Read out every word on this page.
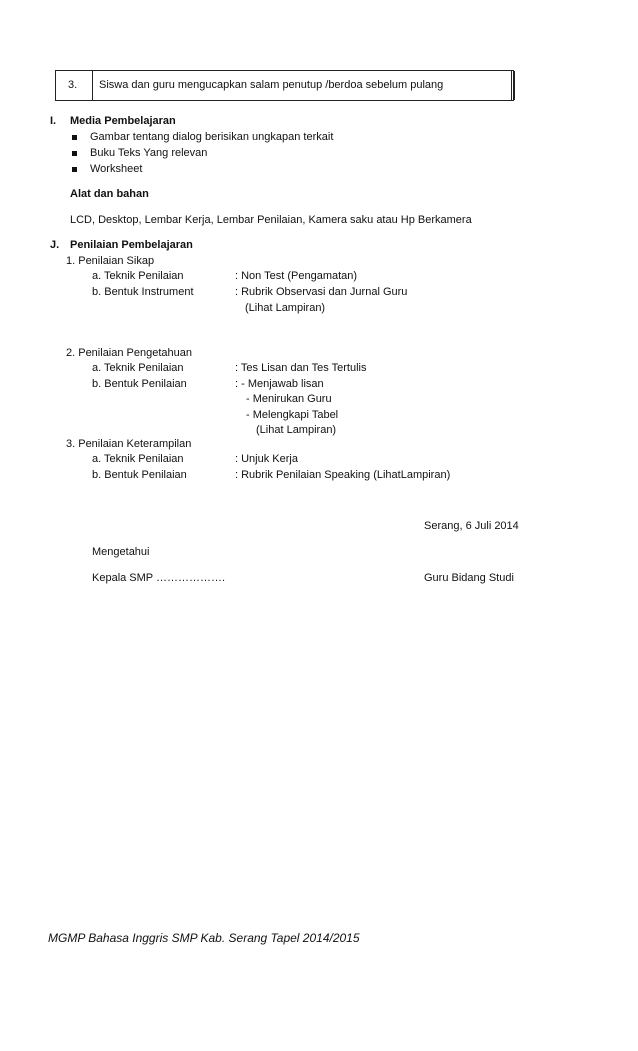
3. Siswa dan guru mengucapkan salam penutup /berdoa sebelum pulang
I. Media Pembelajaran
Gambar tentang dialog berisikan ungkapan terkait
Buku Teks Yang relevan
Worksheet
Alat dan bahan
LCD, Desktop, Lembar Kerja, Lembar Penilaian, Kamera saku atau Hp Berkamera
J. Penilaian Pembelajaran
1. Penilaian Sikap
a. Teknik Penilaian	: Non Test (Pengamatan)
b. Bentuk Instrument	: Rubrik Observasi dan Jurnal Guru
(Lihat Lampiran)
2. Penilaian Pengetahuan
a. Teknik Penilaian	: Tes Lisan dan Tes Tertulis
b. Bentuk Penilaian	: - Menjawab lisan
- Menirukan Guru
- Melengkapi Tabel
(Lihat Lampiran)
3. Penilaian Keterampilan
a. Teknik Penilaian	: Unjuk Kerja
b. Bentuk Penilaian	: Rubrik Penilaian Speaking (LihatLampiran)
Serang, 6 Juli 2014
Mengetahui
Kepala SMP ……………….	Guru Bidang Studi
MGMP Bahasa Inggris SMP Kab. Serang Tapel 2014/2015
